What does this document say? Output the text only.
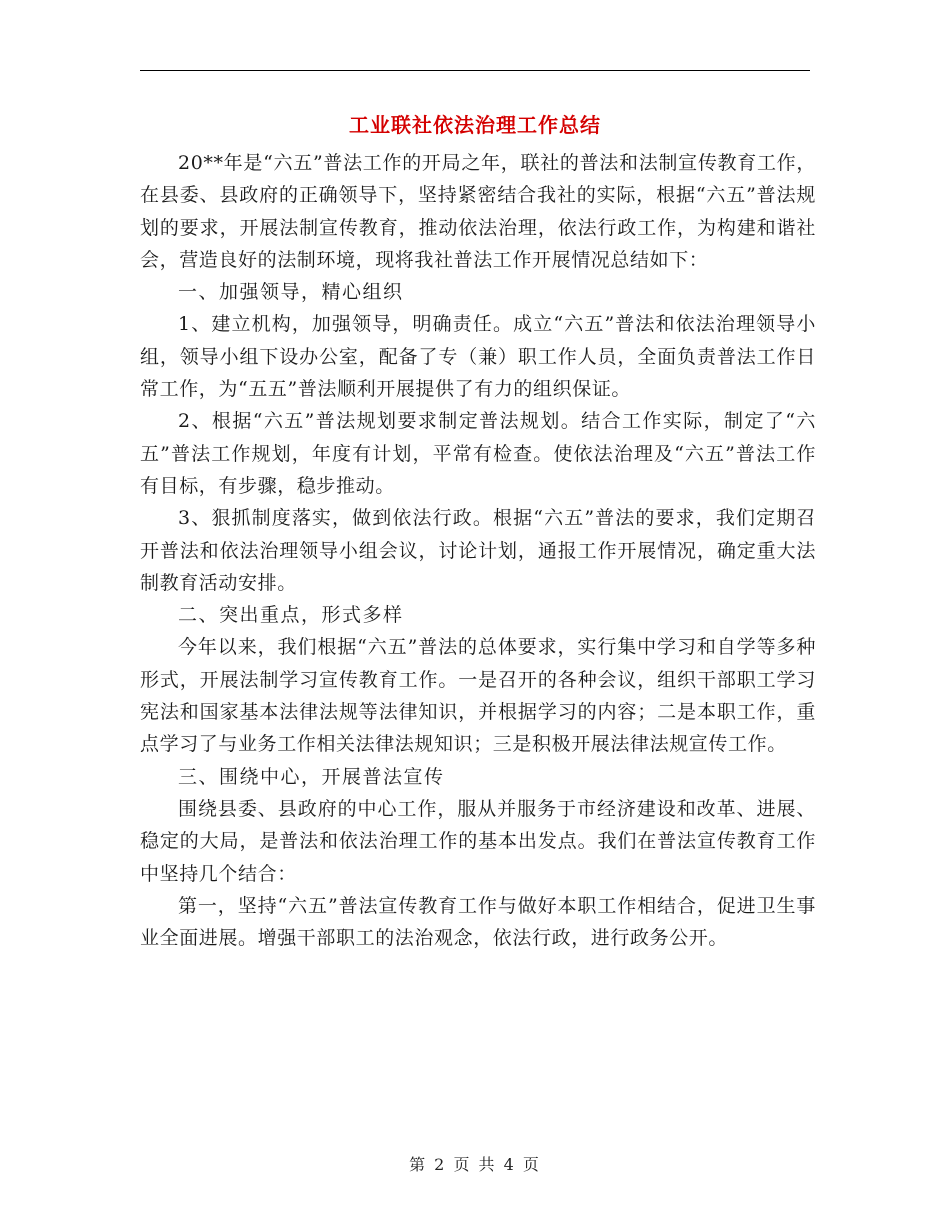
工业联社依法治理工作总结

20**年是“六五”普法工作的开局之年，联社的普法和法制宣传教育工作，在县委、县政府的正确领导下，坚持紧密结合我社的实际，根据“六五”普法规划的要求，开展法制宣传教育，推动依法治理，依法行政工作，为构建和谐社会，营造良好的法制环境，现将我社普法工作开展情况总结如下：

一、加强领导，精心组织

1、建立机构，加强领导，明确责任。成立“六五”普法和依法治理领导小组，领导小组下设办公室，配备了专（兼）职工作人员，全面负责普法工作日常工作，为“五五”普法顺利开展提供了有力的组织保证。

2、根据“六五”普法规划要求制定普法规划。结合工作实际，制定了“六五”普法工作规划，年度有计划，平常有检查。使依法治理及“六五”普法工作有目标，有步骤，稳步推动。

3、狠抓制度落实，做到依法行政。根据“六五”普法的要求，我们定期召开普法和依法治理领导小组会议，讨论计划，通报工作开展情况，确定重大法制教育活动安排。

二、突出重点，形式多样

今年以来，我们根据“六五”普法的总体要求，实行集中学习和自学等多种形式，开展法制学习宣传教育工作。一是召开的各种会议，组织干部职工学习宪法和国家基本法律法规等法律知识，并根据学习的内容；二是本职工作，重点学习了与业务工作相关法律法规知识；三是积极开展法律法规宣传工作。

三、围绕中心，开展普法宣传

围绕县委、县政府的中心工作，服从并服务于市经济建设和改革、进展、稳定的大局，是普法和依法治理工作的基本出发点。我们在普法宣传教育工作中坚持几个结合：

第一，坚持“六五”普法宣传教育工作与做好本职工作相结合，促进卫生事业全面进展。增强干部职工的法治观念，依法行政，进行政务公开。

第 2 页 共 4 页
